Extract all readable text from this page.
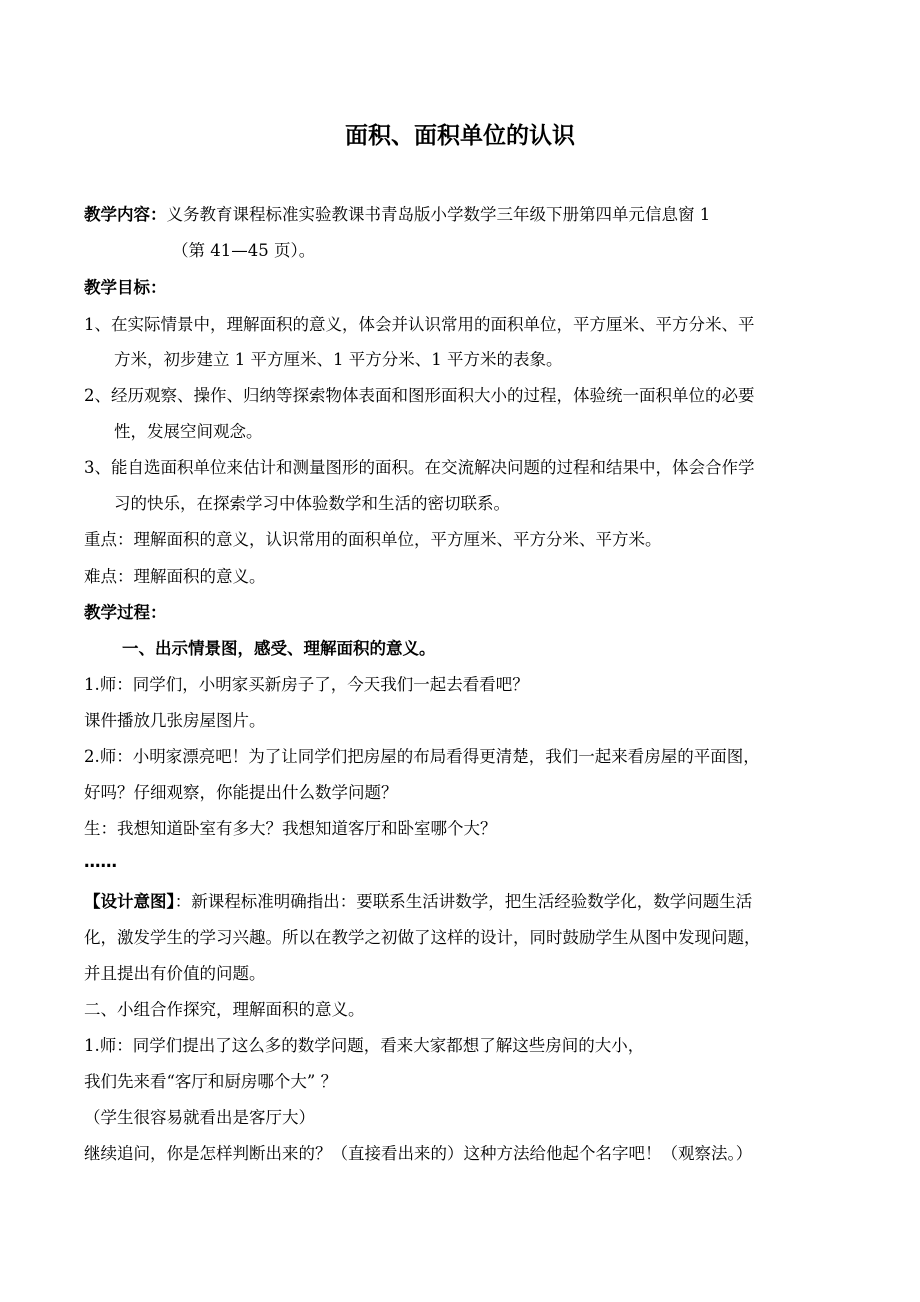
面积、面积单位的认识
教学内容：义务教育课程标准实验教课书青岛版小学数学三年级下册第四单元信息窗 1
（第 41—45 页）。
教学目标：
1、在实际情景中，理解面积的意义，体会并认识常用的面积单位，平方厘米、平方分米、平
方米，初步建立 1 平方厘米、1 平方分米、1 平方米的表象。
2、经历观察、操作、归纳等探索物体表面和图形面积大小的过程，体验统一面积单位的必要
性，发展空间观念。
3、能自选面积单位来估计和测量图形的面积。在交流解决问题的过程和结果中，体会合作学
习的快乐，在探索学习中体验数学和生活的密切联系。
重点：理解面积的意义，认识常用的面积单位，平方厘米、平方分米、平方米。
难点：理解面积的意义。
教学过程：
一、出示情景图，感受、理解面积的意义。
1.师：同学们，小明家买新房子了，今天我们一起去看看吧？
课件播放几张房屋图片。
2.师：小明家漂亮吧！为了让同学们把房屋的布局看得更清楚，我们一起来看房屋的平面图，
好吗？仔细观察，你能提出什么数学问题？
生：我想知道卧室有多大？我想知道客厅和卧室哪个大？
……
【设计意图】：新课程标准明确指出：要联系生活讲数学，把生活经验数学化，数学问题生活
化，激发学生的学习兴趣。所以在教学之初做了这样的设计，同时鼓励学生从图中发现问题，
并且提出有价值的问题。
二、小组合作探究，理解面积的意义。
1.师：同学们提出了这么多的数学问题，看来大家都想了解这些房间的大小，
我们先来看“客厅和厨房哪个大” ？
（学生很容易就看出是客厅大）
继续追问，你是怎样判断出来的？（直接看出来的）这种方法给他起个名字吧！（观察法。）
